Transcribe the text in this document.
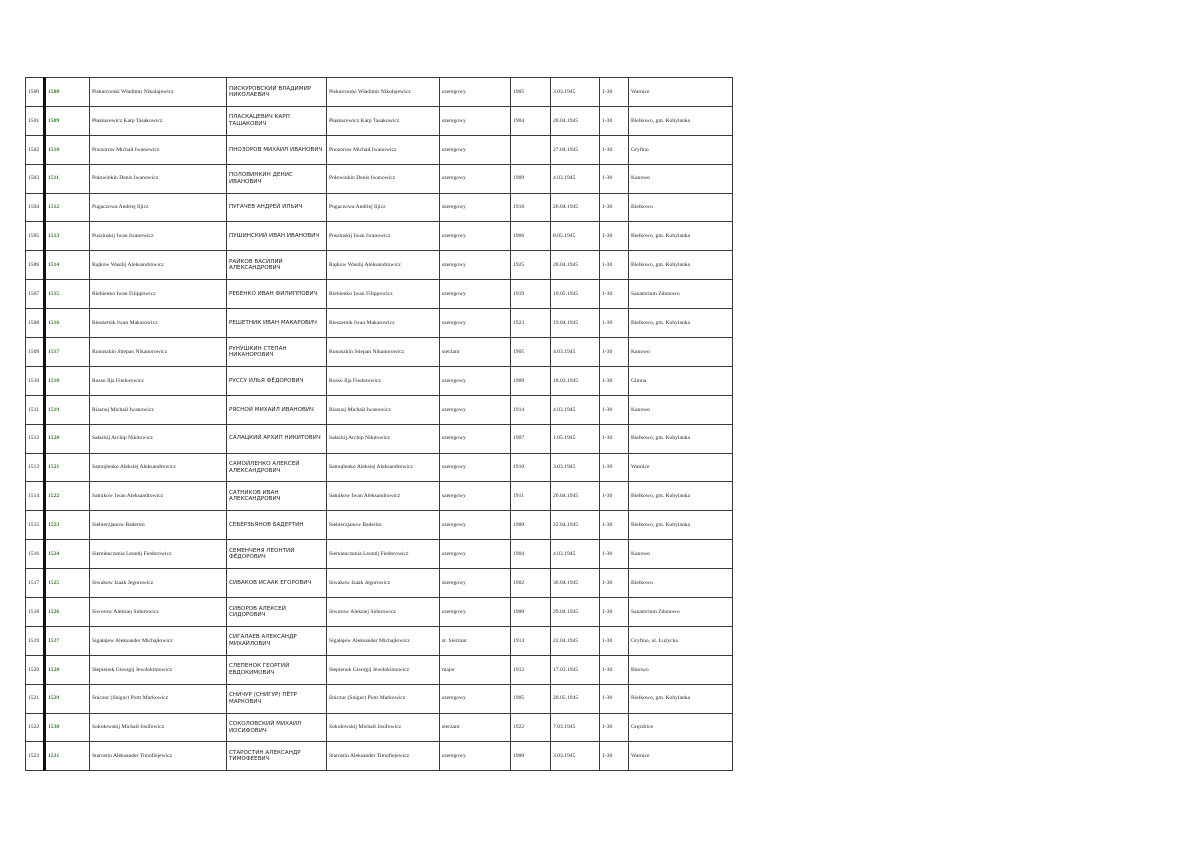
1500	1508	Piskurowski Władimir Nikołajewicz	ПИСКУРОВСКИЙ ВЛАДИМИР НИКОЛАЕВИЧ	Piskurowski Władimir Nikołajewicz	szeregowy	1905	3.03.1945	1-30	Warnice
1501	1509	Płaskacewicz Karp Tasakowicz	ПЛАСКАЦЕВИЧ КАРП ТАШАКОВИЧ	Płaskacewicz Karp Tasakowicz	szeregowy	1904	28.04.1945	1-30	Bielkowo, gm. Kobylanka
1502	1510	Pnozorow Michaił Iwanowicz	ПНОЗОРОВ МИХАИЛ ИВАНОВИЧ	Pnozorow Michaił Iwanowicz	szeregowy		27.04.1945	1-30	Gryfino
1503	1511	Połowinkin Denis Iwanowicz	ПОЛОВИНКИН ДЕНИС ИВАНОВИЧ	Połowinkin Denis Iwanowicz	szeregowy	1909	4.03.1945	1-30	Kanowo
1504	1512	Pugaczowa Andriej Iljicz	ПУГАЧЕВ АНДРЕЙ ИЛЬИЧ	Pugaczowa Andriej Iljicz	szeregowy	1918	26.04.1945	1-30	Bielkowo
1505	1513	Puszinskij Iwan Iwanowicz	ПУШИНСКИЙ ИВАН ИВАНОВИЧ	Puszinskij Iwan Iwanowicz	szeregowy	1906	8.05.1945	1-30	Bielkowo, gm. Kobylanka
1506	1514	Rajkow Wasilij Aleksandrowicz	РАЙКОВ ВАСИЛИЙ АЛЕКСАНДРОВИЧ	Rajkow Wasilij Aleksandrowicz	szeregowy	1925	28.04.1945	1-30	Bielkowo, gm. Kobylanka
1507	1515	Riebienko Iwan Filippowicz	РЕБЕНКО ИВАН ФИЛИППОВИЧ	Riebienko Iwan Filippowicz	szeregowy	1919	10.05.1945	1-30	Sanatorium Zdunowo
1508	1516	Rieszetnik Iwan Makarowicz	РЕШЕТНИК ИВАН МАКАРОВИЧ	Rieszetnik Iwan Makarowicz	szeregowy	1923	19.04.1945	1-30	Bielkowo, gm. Kobylanka
1509	1517	Runuszkin Stiepan Nikanorowicz	РУНУШКИН СТЕПАН НИКАНОРОВИЧ	Runuszkin Stiepan Nikanorowicz	sierżant	1905	4.03.1945	1-30	Kanowo
1510	1518	Russo Ilja Fiedorowicz	РУССУ ИЛЬЯ ФЁДОРОВИЧ	Russo Ilja Fiedorowicz	szeregowy	1909	18.03.1945	1-30	Glinna
1511	1519	Riasnoj Michaił Iwanowicz	РЯСНОЙ МИХАИЛ ИВАНОВИЧ	Riasnoj Michaił Iwanowicz	szeregowy	1914	4.03.1945	1-30	Kanowo
1512	1520	Sałackij Archip Nikitowicz	САЛАЦКИЙ АРХИП НИКИТОВИЧ	Sałackij Archip Nikitowicz	szeregowy	1907	1.05.1945	1-30	Bielkowo, gm. Kobylanka
1513	1521	Samojlenko Aleksiej Aleksandrowicz	САМОЙЛЕНКО АЛЕКСЕЙ АЛЕКСАНДРОВИЧ	Samojlenko Aleksiej Aleksandrowicz	szeregowy	1910	3.03.1945	1-30	Warnice
1514	1522	Satnikow Iwan Aleksandrowicz	САТНИКОВ ИВАН АЛЕКСАНДРОВИЧ	Satnikow Iwan Aleksandrowicz	szeregowy	1911	26.04.1945	1-30	Bielkowo, gm. Kobylanka
1515	1523	Siebierzjanow Badertin	СЕБЕРЗЬЯНОВ БАДЕРТИН	Siebierzjanow Badertin	szeregowy	1900	22.04.1945	1-30	Bielkowo, gm. Kobylanka
1516	1524	Siemienczenia Leontij Fiedorowicz	СЕМЕНЧЕНЯ ЛЕОНТИЙ ФЁДОРОВИЧ	Siemienczenia Leontij Fiedorowicz	szeregowy	1904	4.03.1945	1-30	Kanowo
1517	1525	Siwakow Izaak Jegorowicz	СИВАКОВ ИСААК ЕГОРОВИЧ	Siwakow Izaak Jegorowicz	szeregowy	1902	30.04.1945	1-30	Bielkowo
1518	1526	Siworow Aleksiej Sidorowicz	СИВОРОВ АЛЕКСЕЙ СИДОРОВИЧ	Siworow Aleksiej Sidorowicz	szeregowy	1900	29.04.1945	1-30	Sanatorium Zdunowo
1519	1527	Sigałajew Aleksander Michajłowicz	СИГАЛАЕВ АЛЕКСАНДР МИХАЙЛОВИЧ	Sigałajew Aleksander Michajłowicz	st. Sierżant	1914	22.04.1945	1-30	Gryfino, ul. Łużycka
1520	1528	Słepienok Gieorgij Jewdokimowicz	СЛЕПЕНОК ГЕОРГИЙ ЕВДОКИМОВИЧ	Słepienok Gieorgij Jewdokimowicz	major	1912	17.03.1945	1-30	Binowo
1521	1529	Śniczur (Snigur) Piotr Markowicz	СНИЧУР (СНИГУР) ПЁТР МАРКОВИЧ	Śniczur (Snigur) Piotr Markowicz	szeregowy	1905	20.05.1945	1-30	Bielkowo, gm. Kobylanka
1522	1530	Sokołowskij Michaił Josifowicz	СОКОЛОВСКИЙ МИХАИЛ ИОСИФОВИЧ	Sokołowskij Michaił Josifowicz	sierżant	1922	7.03.1945	1-30	Gręzdrice
1523	1531	Starostin Aleksander Timofiejewicz	СТАРОСТИН АЛЕКСАНДР ТИМОФЕЕВИЧ	Starostin Aleksander Timofiejewicz	szeregowy	1900	3.03.1945	1-30	Warnice
